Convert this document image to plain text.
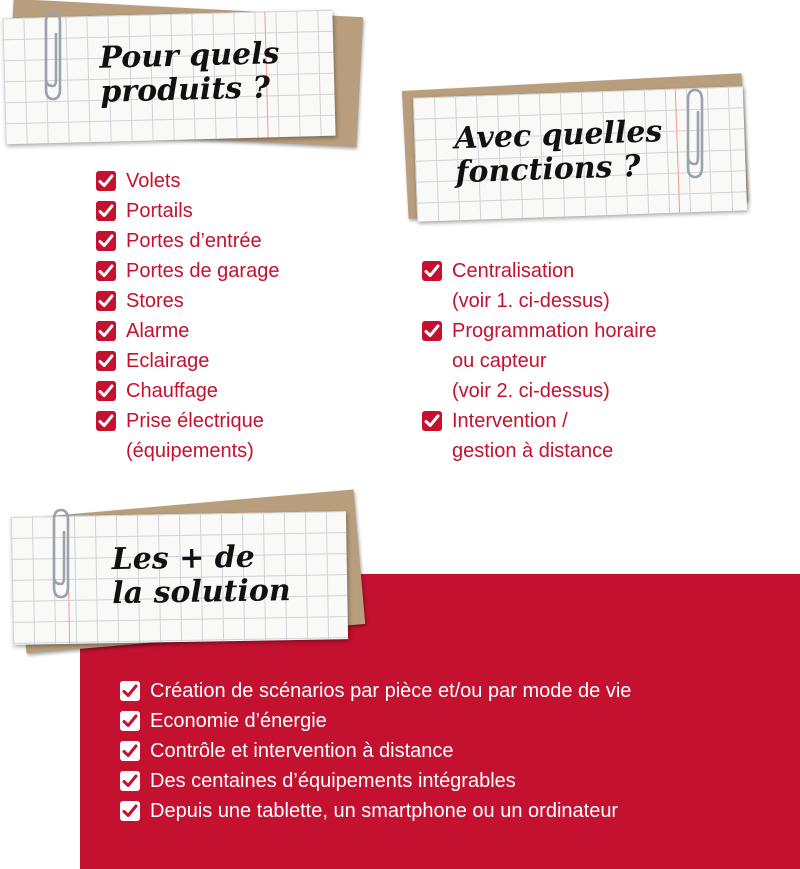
Pour quels
produits ?
Avec quelles
fonctions ?
Les + de
la solution
Volets
Portails
Portes d’entrée
Portes de garage
Stores
Alarme
Eclairage
Chauffage
Prise électrique
(équipements)
Centralisation
(voir 1. ci-dessus)
Programmation horaire
ou capteur
(voir 2. ci-dessus)
Intervention /
gestion à distance
Création de scénarios par pièce et/ou par mode de vie
Economie d’énergie
Contrôle et intervention à distance
Des centaines d’équipements intégrables
Depuis une tablette, un smartphone ou un ordinateur
